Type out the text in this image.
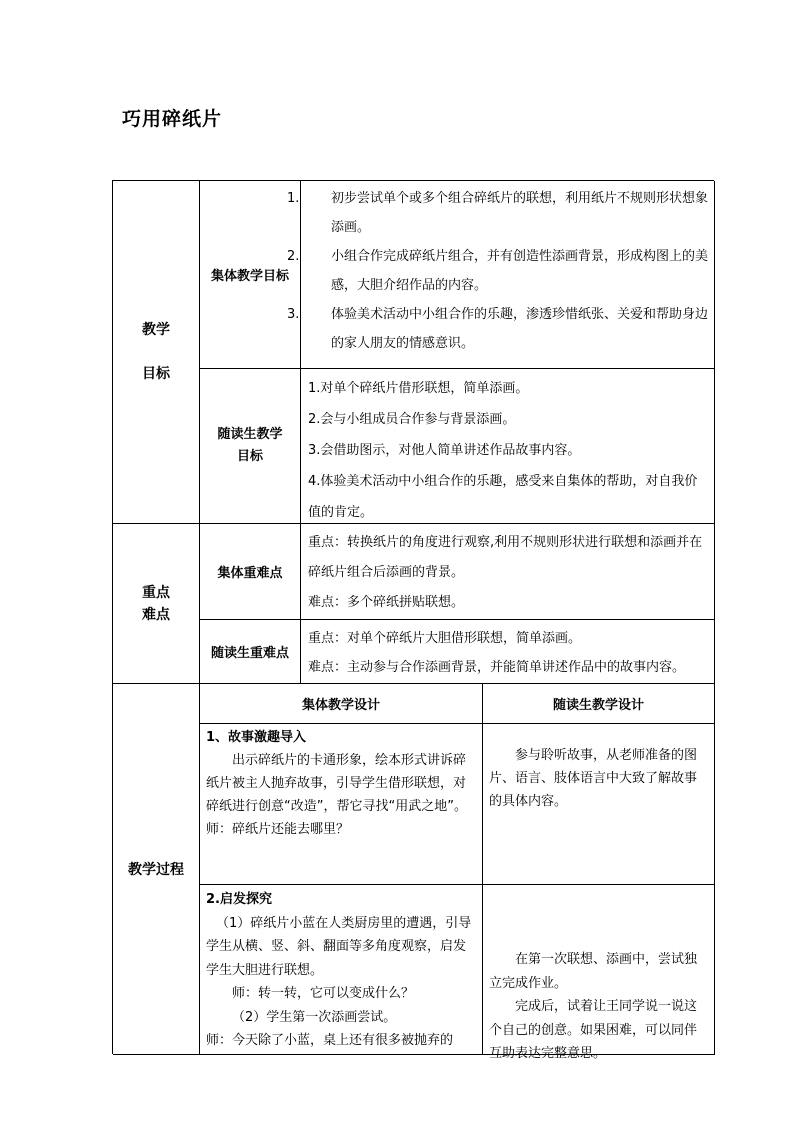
巧用碎纸片
教学
目标
集体教学目标
1. 初步尝试单个或多个组合碎纸片的联想，利用纸片不规则形状想象添画。
2. 小组合作完成碎纸片组合，并有创造性添画背景，形成构图上的美感，大胆介绍作品的内容。
3. 体验美术活动中小组合作的乐趣，渗透珍惜纸张、关爱和帮助身边的家人朋友的情感意识。
随读生教学
目标

1.对单个碎纸片借形联想，简单添画。

2.会与小组成员合作参与背景添画。

3.会借助图示，对他人简单讲述作品故事内容。

4.体验美术活动中小组合作的乐趣，感受来自集体的帮助，对自我价值的肯定。

重点
难点
集体重难点

重点：转换纸片的角度进行观察,利用不规则形状进行联想和添画并在碎纸片组合后添画的背景。

难点：多个碎纸拼贴联想。

随读生重难点

重点：对单个碎纸片大胆借形联想，简单添画。

难点：主动参与合作添画背景，并能简单讲述作品中的故事内容。

教学过程
集体教学设计	随读生教学设计

1、故事激趣导入

出示碎纸片的卡通形象，绘本形式讲诉碎纸片被主人抛弃故事，引导学生借形联想，对碎纸进行创意“改造”，帮它寻找“用武之地”。

师：碎纸片还能去哪里？

参与聆听故事，从老师准备的图片、语言、肢体语言中大致了解故事的具体内容。

2.启发探究

（1）碎纸片小蓝在人类厨房里的遭遇，引导学生从横、竖、斜、翻面等多角度观察，启发学生大胆进行联想。

师：转一转，它可以变成什么？

（2）学生第一次添画尝试。

师：今天除了小蓝，桌上还有很多被抛弃的

在第一次联想、添画中，尝试独立完成作业。

完成后，试着让王同学说一说这个自己的创意。如果困难，可以同伴互助表达完整意思。
